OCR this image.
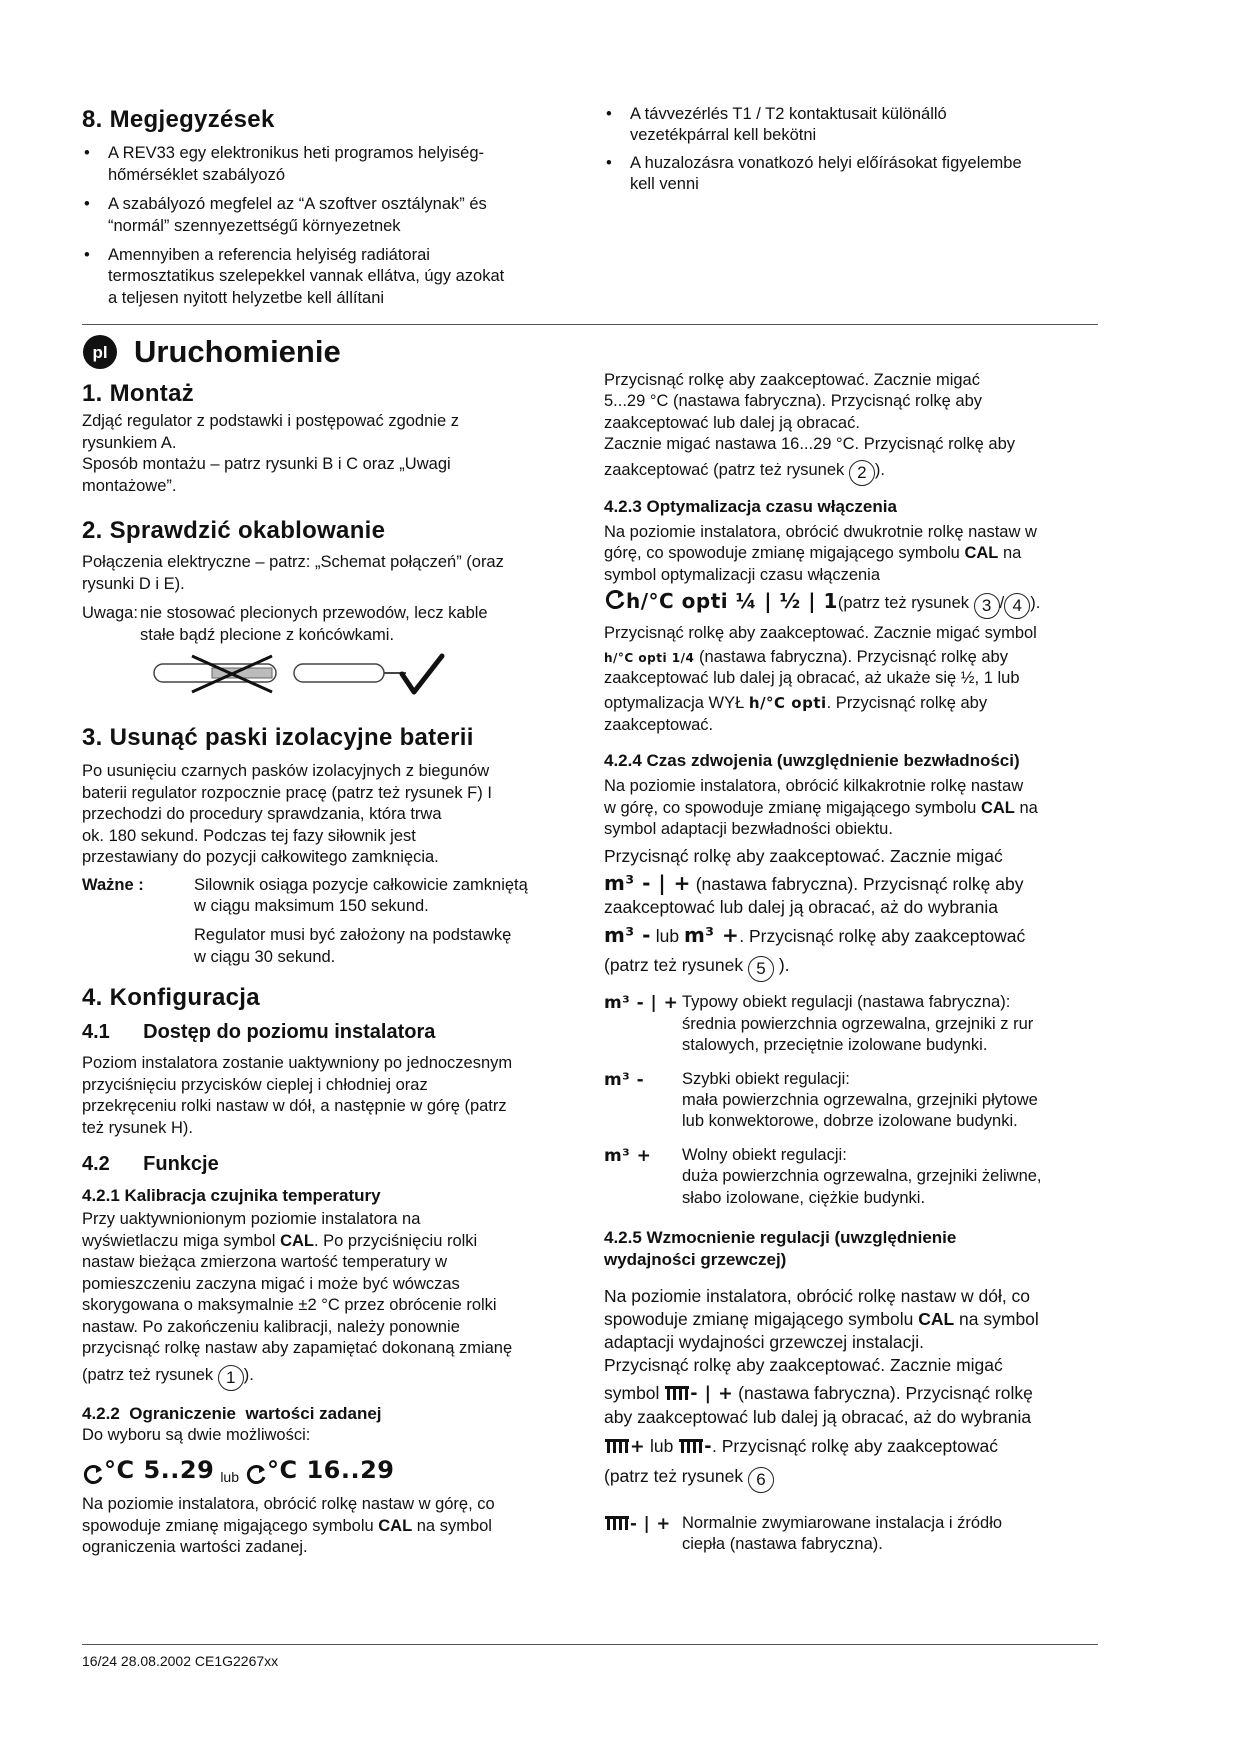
8. Megjegyzések

• A REV33 egy elektronikus heti programos helyiség-
hőmérséklet szabályozó

• A szabályozó megfelel az “A szoftver osztálynak” és
“normál” szennyezettségű környezetnek

• Amennyiben a referencia helyiség radiátorai
termosztatikus szelepekkel vannak ellátva, úgy azokat
a teljesen nyitott helyzetbe kell állítani

• A távvezérlés T1 / T2 kontaktusait különálló
vezetékpárral kell bekötni

• A huzalozásra vonatkozó helyi előírásokat figyelembe
kell venni

pl Uruchomienie
1. Montaż

Zdjąć regulator z podstawki i postępować zgodnie z
rysunkiem A.
Sposób montażu – patrz rysunki B i C oraz „Uwagi
montażowe”.

2. Sprawdzić okablowanie

Połączenia elektryczne – patrz: „Schemat połączeń” (oraz
rysunki D i E).

Uwaga: nie stosować plecionych przewodów, lecz kable
stałe bądź plecione z końcówkami.
3. Usunąć paski izolacyjne baterii

Po usunięciu czarnych pasków izolacyjnych z biegunów
baterii regulator rozpocznie pracę (patrz też rysunek F) I
przechodzi do procedury sprawdzania, która trwa
ok. 180 sekund. Podczas tej fazy siłownik jest
przestawiany do pozycji całkowitego zamknięcia.

Ważne :	Silownik osiąga pozycje całkowicie zamkniętą
w ciągu maksimum 150 sekund.

Regulator musi być założony na podstawkę
w ciągu 30 sekund.

4. Konfiguracja
4.1      Dostęp do poziomu instalatora

Poziom instalatora zostanie uaktywniony po jednoczesnym
przyciśnięciu przycisków cieplej i chłodniej oraz
przekręceniu rolki nastaw w dół, a następnie w górę (patrz
też rysunek H).

4.2      Funkcje
4.2.1 Kalibracja czujnika temperatury

Przy uaktywnionionym poziomie instalatora na
wyświetlaczu miga symbol CAL. Po przyciśnięciu rolki
nastaw bieżąca zmierzona wartość temperatury w
pomieszczeniu zaczyna migać i może być wówczas
skorygowana o maksymalnie ±2 °C przez obrócenie rolki
nastaw. Po zakończeniu kalibracji, należy ponownie
przycisnąć rolkę nastaw aby zapamiętać dokonaną zmianę

(patrz też rysunek 1 ).

4.2.2  Ograniczenie  wartości zadanej

Do wyboru są dwie możliwości:

°C 5..29 lub °C 16..29

Na poziomie instalatora, obrócić rolkę nastaw w górę, co
spowoduje zmianę migającego symbolu CAL na symbol
ograniczenia wartości zadanej.

Przycisnąć rolkę aby zaakceptować. Zacznie migać
5...29 °C (nastawa fabryczna). Przycisnąć rolkę aby
zaakceptować lub dalej ją obracać.
Zacznie migać nastawa 16...29 °C. Przycisnąć rolkę aby

zaakceptować (patrz też rysunek 2 ).

4.2.3 Optymalizacja czasu włączenia

Na poziomie instalatora, obrócić dwukrotnie rolkę nastaw w
górę, co spowoduje zmianę migającego symbolu CAL na
symbol optymalizacji czasu włączenia

h/°C opti ¼ | ½ | 1(patrz też rysunek 3 / 4 ).

Przycisnąć rolkę aby zaakceptować. Zacznie migać symbol

h/°C opti 1/4 (nastawa fabryczna). Przycisnąć rolkę aby
zaakceptować lub dalej ją obracać, aż ukaże się ½, 1 lub

optymalizacja WYŁ h/°C opti. Przycisnąć rolkę aby
zaakceptować.

4.2.4 Czas zdwojenia (uwzględnienie bezwładności)

Na poziomie instalatora, obrócić kilkakrotnie rolkę nastaw
w górę, co spowoduje zmianę migającego symbolu CAL na
symbol adaptacji bezwładności obiektu.

Przycisnąć rolkę aby zaakceptować. Zacznie migać

m³ - | + (nastawa fabryczna). Przycisnąć rolkę aby
zaakceptować lub dalej ją obracać, aż do wybrania

m³ - lub m³ +. Przycisnąć rolkę aby zaakceptować

(patrz też rysunek 5 ).

m³ - | + Typowy obiekt regulacji (nastawa fabryczna):
średnia powierzchnia ogrzewalna, grzejniki z rur
stalowych, przeciętnie izolowane budynki.
m³ -	Szybki obiekt regulacji:
mała powierzchnia ogrzewalna, grzejniki płytowe
lub konwektorowe, dobrze izolowane budynki.
m³ +	Wolny obiekt regulacji:
duża powierzchnia ogrzewalna, grzejniki żeliwne,
słabo izolowane, ciężkie budynki.
4.2.5 Wzmocnienie regulacji (uwzględnienie
wydajności grzewczej)

Na poziomie instalatora, obrócić rolkę nastaw w dół, co
spowoduje zmianę migającego symbolu CAL na symbol
adaptacji wydajności grzewczej instalacji.
Przycisnąć rolkę aby zaakceptować. Zacznie migać

symbol - | + (nastawa fabryczna). Przycisnąć rolkę
aby zaakceptować lub dalej ją obracać, aż do wybrania

+ lub -. Przycisnąć rolkę aby zaakceptować

(patrz też rysunek 6

- | + Normalnie zwymiarowane instalacja i źródło
ciepła (nastawa fabryczna).
16/24 28.08.2002 CE1G2267xx
